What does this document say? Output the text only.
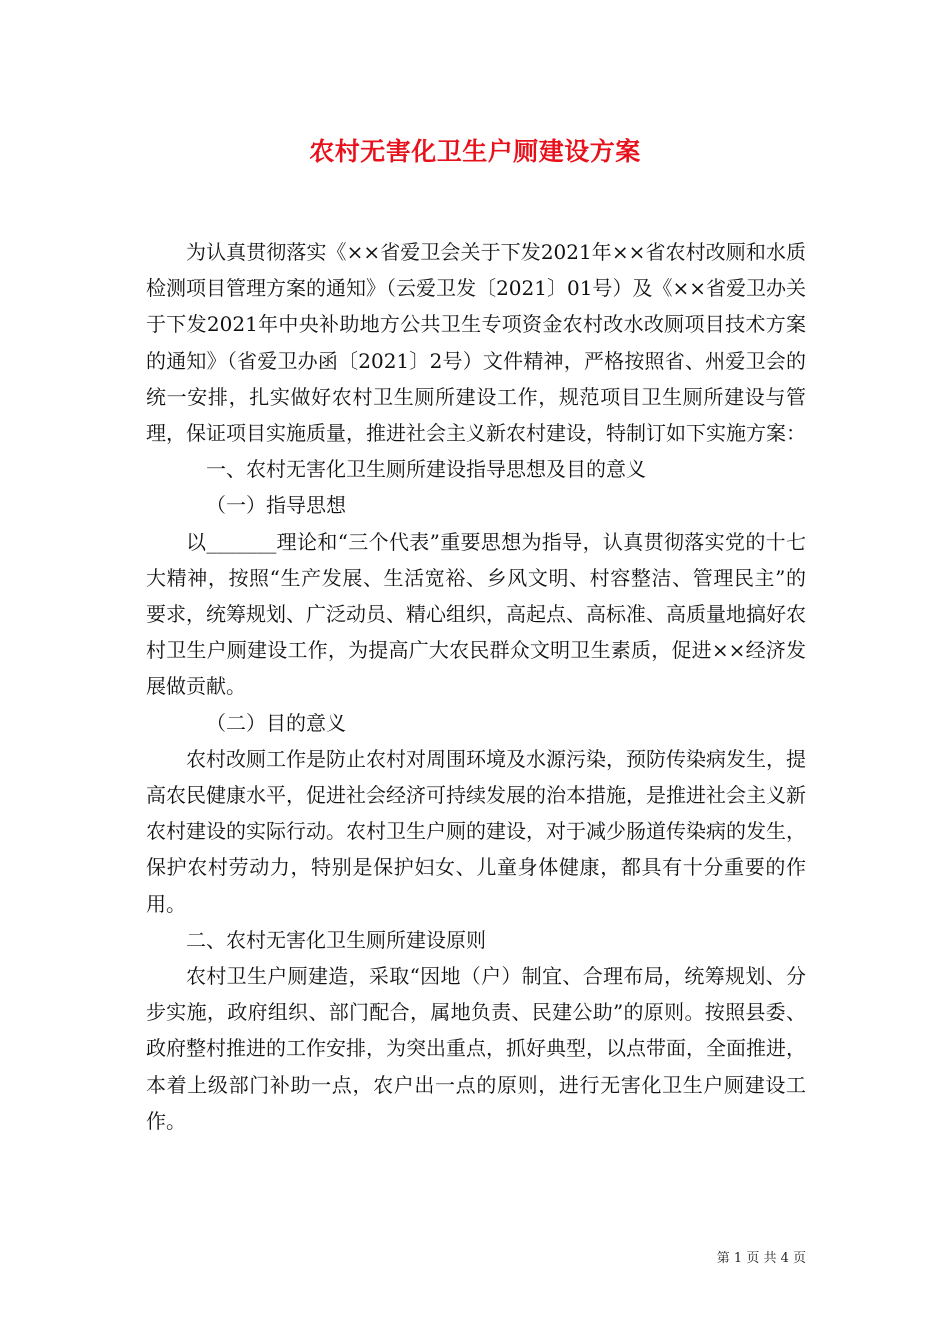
农村无害化卫生户厕建设方案

为认真贯彻落实《××省爱卫会关于下发2021年××省农村改厕和水质检测项目管理方案的通知》（云爱卫发〔2021〕01号）及《××省爱卫办关于下发2021年中央补助地方公共卫生专项资金农村改水改厕项目技术方案的通知》（省爱卫办函〔2021〕2号）文件精神，严格按照省、州爱卫会的统一安排，扎实做好农村卫生厕所建设工作，规范项目卫生厕所建设与管理，保证项目实施质量，推进社会主义新农村建设，特制订如下实施方案：

一、农村无害化卫生厕所建设指导思想及目的意义

（一）指导思想

以_______理论和“三个代表”重要思想为指导，认真贯彻落实党的十七大精神，按照“生产发展、生活宽裕、乡风文明、村容整洁、管理民主”的要求，统筹规划、广泛动员、精心组织，高起点、高标准、高质量地搞好农村卫生户厕建设工作，为提高广大农民群众文明卫生素质，促进××经济发展做贡献。

（二）目的意义

农村改厕工作是防止农村对周围环境及水源污染，预防传染病发生，提高农民健康水平，促进社会经济可持续发展的治本措施，是推进社会主义新农村建设的实际行动。农村卫生户厕的建设，对于减少肠道传染病的发生，保护农村劳动力，特别是保护妇女、儿童身体健康，都具有十分重要的作用。

二、农村无害化卫生厕所建设原则

农村卫生户厕建造，采取“因地（户）制宜、合理布局，统筹规划、分步实施，政府组织、部门配合，属地负责、民建公助”的原则。按照县委、政府整村推进的工作安排，为突出重点，抓好典型，以点带面，全面推进，本着上级部门补助一点，农户出一点的原则，进行无害化卫生户厕建设工作。

第 1 页 共 4 页
